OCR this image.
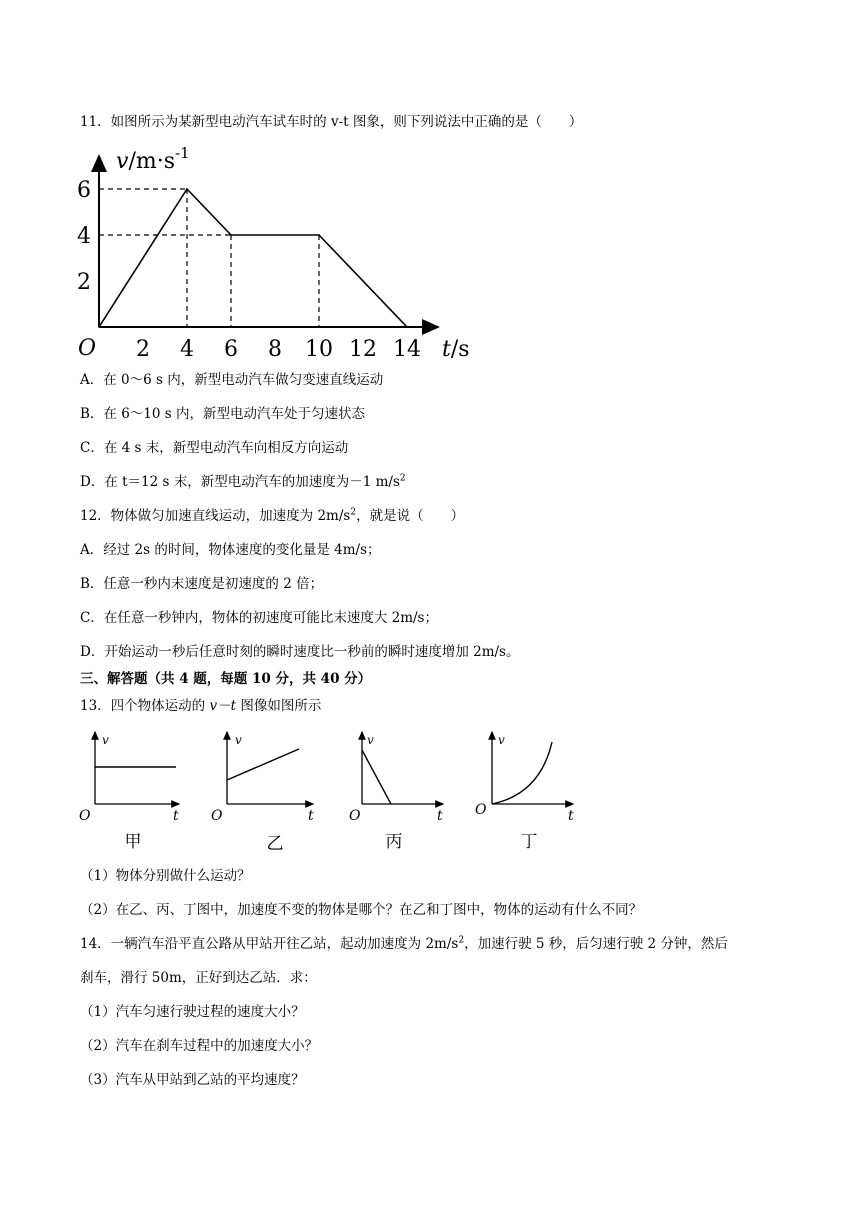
11．如图所示为某新型电动汽车试车时的 v-t 图象，则下列说法中正确的是（　　）
$v/m\cdot s^{-1}$
t/s
O
2
4
6
2 4 6 8 10 12 14
A．在 0～6 s 内，新型电动汽车做匀变速直线运动
B．在 6～10 s 内，新型电动汽车处于匀速状态
C．在 4 s 末，新型电动汽车向相反方向运动
D．在 t＝12 s 末，新型电动汽车的加速度为－1 $m/s^2$
12．物体做匀加速直线运动，加速度为 $2m/s^2$，就是说（　　）
A．经过 2s 的时间，物体速度的变化量是 4m/s；
B．任意一秒内末速度是初速度的 2 倍；
C．在任意一秒钟内，物体的初速度可能比末速度大 2m/s；
D．开始运动一秒后任意时刻的瞬时速度比一秒前的瞬时速度增加 2m/s。
三、解答题（共 4 题，每题 10 分，共 40 分）
13．四个物体运动的 v－t 图像如图所示
v
t
O
甲
v
t
O
乙
v
t
O
丙
v
t
O
丁
（1）物体分别做什么运动？
（2）在乙、丙、丁图中，加速度不变的物体是哪个？在乙和丁图中，物体的运动有什么不同？
14．一辆汽车沿平直公路从甲站开往乙站，起动加速度为 $2m/s^2$，加速行驶 5 秒，后匀速行驶 2 分钟，然后
刹车，滑行 50m，正好到达乙站．求：
（1）汽车匀速行驶过程的速度大小？
（2）汽车在刹车过程中的加速度大小？
（3）汽车从甲站到乙站的平均速度？
